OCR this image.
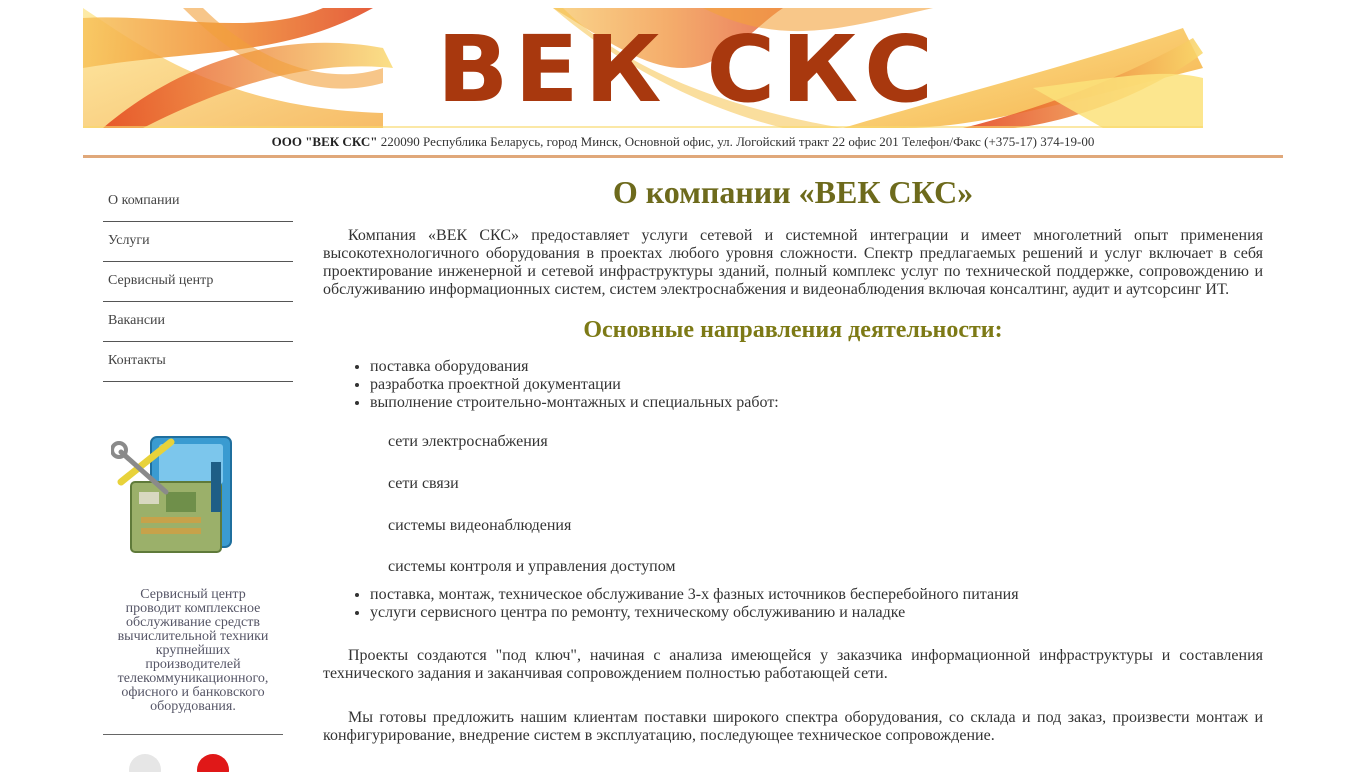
ВЕК СКС
ООО "ВЕК СКС" 220090 Республика Беларусь, город Минск, Основной офис, ул. Логойский тракт 22 офис 201 Телефон/Факс (+375-17) 374-19-00
О компании
Услуги
Сервисный центр
Вакансии
Контакты
Сервисный центр проводит комплексное обслуживание средств вычислительной техники крупнейших производителей телекоммуникационного, офисного и банковского оборудования.
О компании «ВЕК СКС»

Компания «ВЕК СКС» предоставляет услуги сетевой и системной интеграции и имеет многолетний опыт применения высокотехнологичного оборудования в проектах любого уровня сложности. Спектр предлагаемых решений и услуг включает в себя проектирование инженерной и сетевой инфраструктуры зданий, полный комплекс услуг по технической поддержке, сопровождению и обслуживанию информационных систем, систем электроснабжения и видеонаблюдения включая консалтинг, аудит и аутсорсинг ИТ.

Основные направления деятельности:
• поставка оборудования
• разработка проектной документации
• выполнение строительно-монтажных и специальных работ:
сети электроснабжения
сети связи
системы видеонаблюдения
системы контроля и управления доступом
• поставка, монтаж, техническое обслуживание 3-х фазных источников бесперебойного питания
• услуги сервисного центра по ремонту, техническому обслуживанию и наладке

Проекты создаются "под ключ", начиная с анализа имеющейся у заказчика информационной инфраструктуры и составления технического задания и заканчивая сопровождением полностью работающей сети.

Мы готовы предложить нашим клиентам поставки широкого спектра оборудования, со склада и под заказ, произвести монтаж и конфигурирование, внедрение систем в эксплуатацию, последующее техническое сопровождение.
